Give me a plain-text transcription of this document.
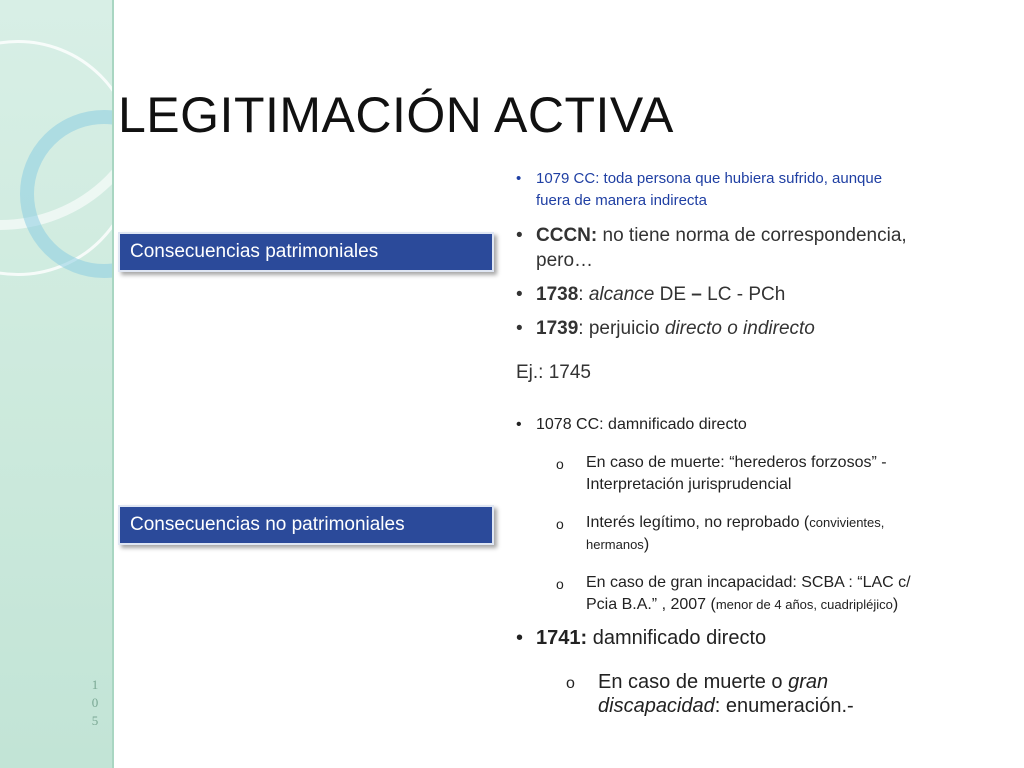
1
0
5
LEGITIMACIÓN ACTIVA
Consecuencias patrimoniales
Consecuencias no patrimoniales

• 1079 CC: toda persona que hubiera sufrido, aunque fuera de manera indirecta

• CCCN: no tiene norma de correspondencia, pero…

• 1738: alcance DE – LC - PCh

• 1739: perjuicio directo o indirecto

Ej.: 1745

• 1078 CC: damnificado directo

o En caso de muerte: “herederos forzosos” - Interpretación jurisprudencial

o Interés legítimo, no reprobado (convivientes, hermanos)

o En caso de gran incapacidad: SCBA : “LAC c/ Pcia B.A.” , 2007 (menor de 4 años, cuadripléjico)

• 1741: damnificado directo

o En caso de muerte o gran discapacidad: enumeración.-
